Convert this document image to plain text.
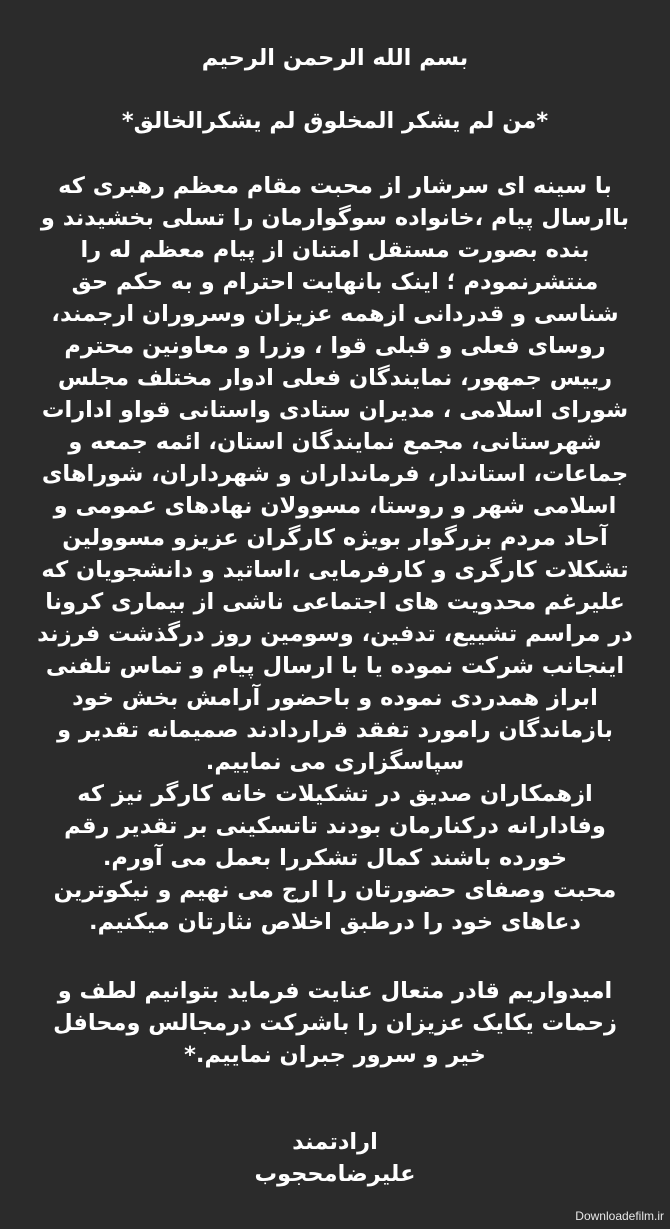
بسم الله الرحمن الرحیم
*من لم یشکر المخلوق لم یشکرالخالق*
با سینه ای سرشار از محبت مقام معظم رهبری که
باارسال پیام ،خانواده سوگوارمان را تسلی بخشیدند و
بنده بصورت مستقل امتنان از پیام معظم له را
منتشرنمودم ؛ اینک بانهایت احترام و به حکم حق
شناسی و قدردانی ازهمه عزیزان وسروران ارجمند،
روسای فعلی و قبلی قوا ، وزرا و معاونین محترم
رییس جمهور، نمایندگان فعلی ادوار مختلف مجلس
شورای اسلامی ، مدیران ستادی واستانی قواو ادارات
شهرستانی، مجمع نمایندگان استان، ائمه جمعه و
جماعات، استاندار، فرمانداران و شهرداران، شوراهای
اسلامی شهر و روستا، مسوولان نهادهای عمومی و
آحاد مردم بزرگوار بویژه کارگران عزیزو مسوولین
تشکلات کارگری و کارفرمایی ،اساتید و دانشجویان که
علیرغم محدویت های اجتماعی ناشی از بیماری کرونا
در مراسم تشییع، تدفین، وسومین روز درگذشت فرزند
اینجانب شرکت نموده یا با ارسال پیام و تماس تلفنی
ابراز همدردی نموده و باحضور آرامش بخش خود
بازماندگان رامورد تفقد قراردادند صمیمانه تقدیر و
سپاسگزاری می نماییم.
ازهمکاران صدیق در تشکیلات خانه کارگر نیز که
وفادارانه درکنارمان بودند تاتسکینی بر تقدیر رقم
خورده باشند کمال تشکررا بعمل می آورم.
محبت وصفای حضورتان را ارج می نهیم و نیکوترین
دعاهای خود را درطبق اخلاص نثارتان میکنیم.
امیدواریم قادر متعال عنایت فرماید بتوانیم لطف و
زحمات یکایک عزیزان را باشرکت درمجالس ومحافل
خیر و سرور جبران نماییم.*
ارادتمند
علیرضامحجوب
Downloadefilm.ir
